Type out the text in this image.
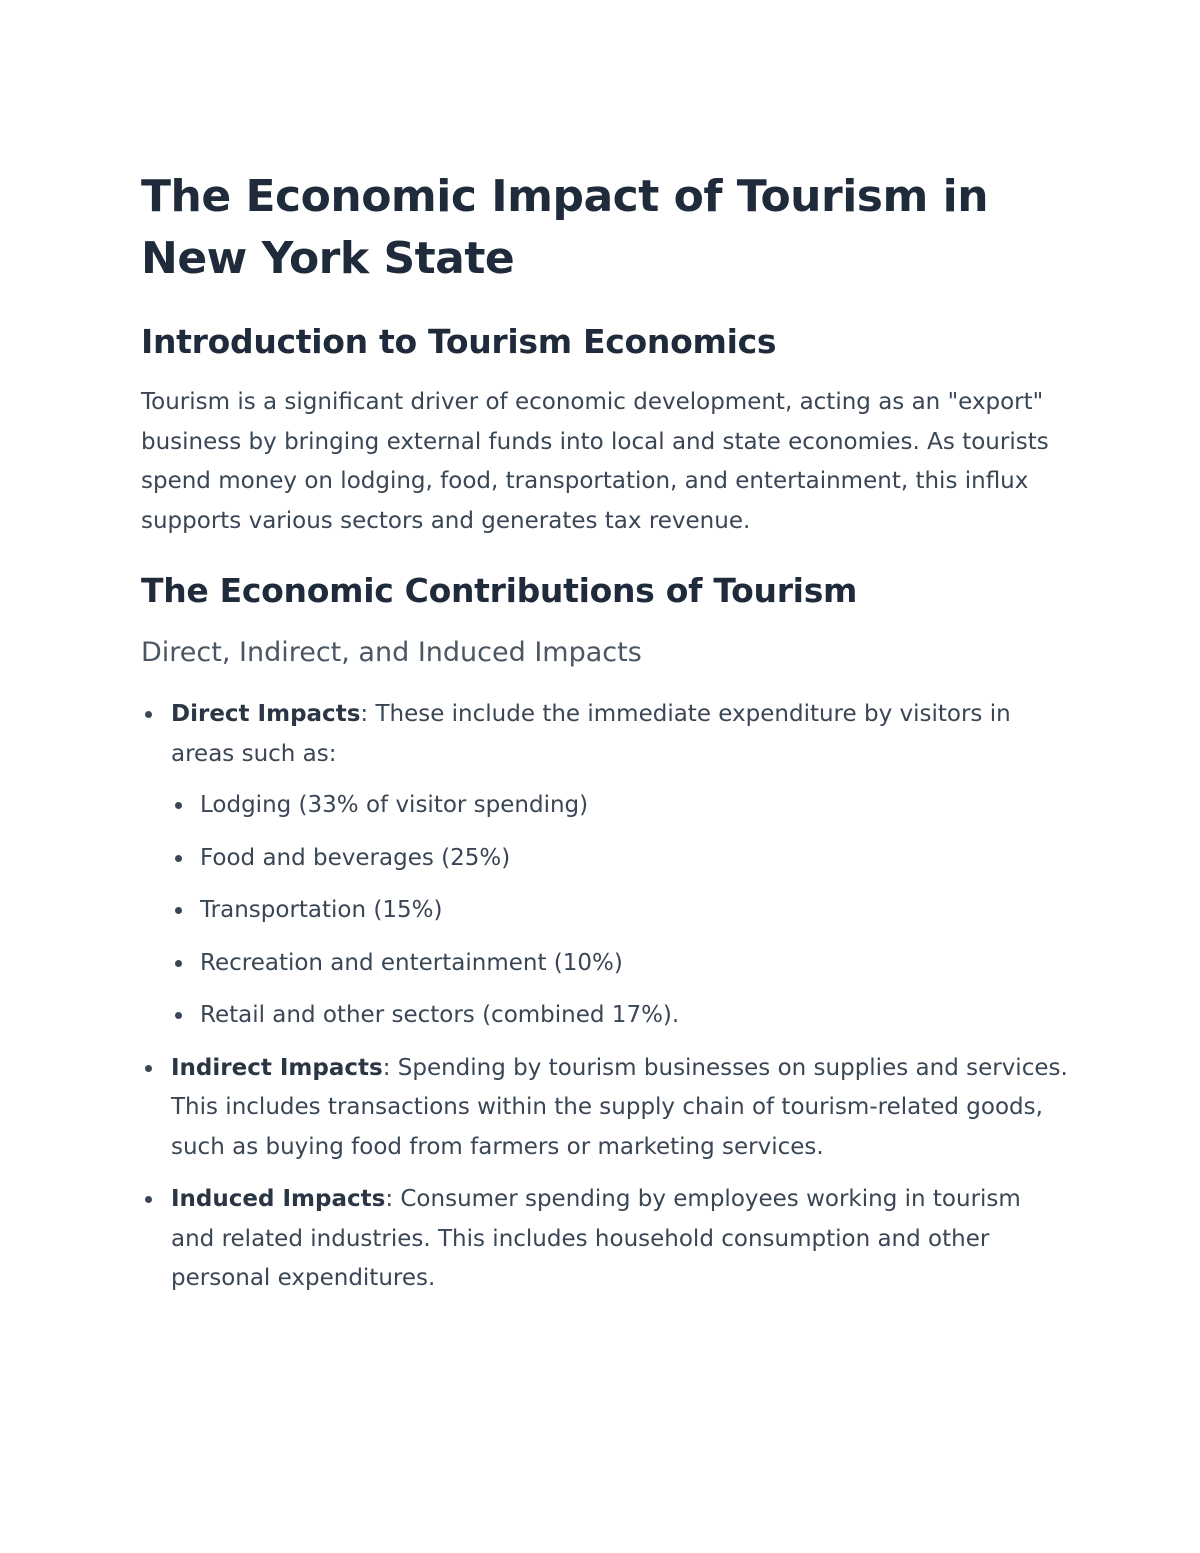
The Economic Impact of Tourism in New York State
Introduction to Tourism Economics

Tourism is a significant driver of economic development, acting as an "export" business by bringing external funds into local and state economies. As tourists spend money on lodging, food, transportation, and entertainment, this influx supports various sectors and generates tax revenue.

The Economic Contributions of Tourism
Direct, Indirect, and Induced Impacts
Direct Impacts: These include the immediate expenditure by visitors in areas such as:
Lodging (33% of visitor spending)
Food and beverages (25%)
Transportation (15%)
Recreation and entertainment (10%)
Retail and other sectors (combined 17%).
Indirect Impacts: Spending by tourism businesses on supplies and services. This includes transactions within the supply chain of tourism-related goods, such as buying food from farmers or marketing services.
Induced Impacts: Consumer spending by employees working in tourism and related industries. This includes household consumption and other personal expenditures.
